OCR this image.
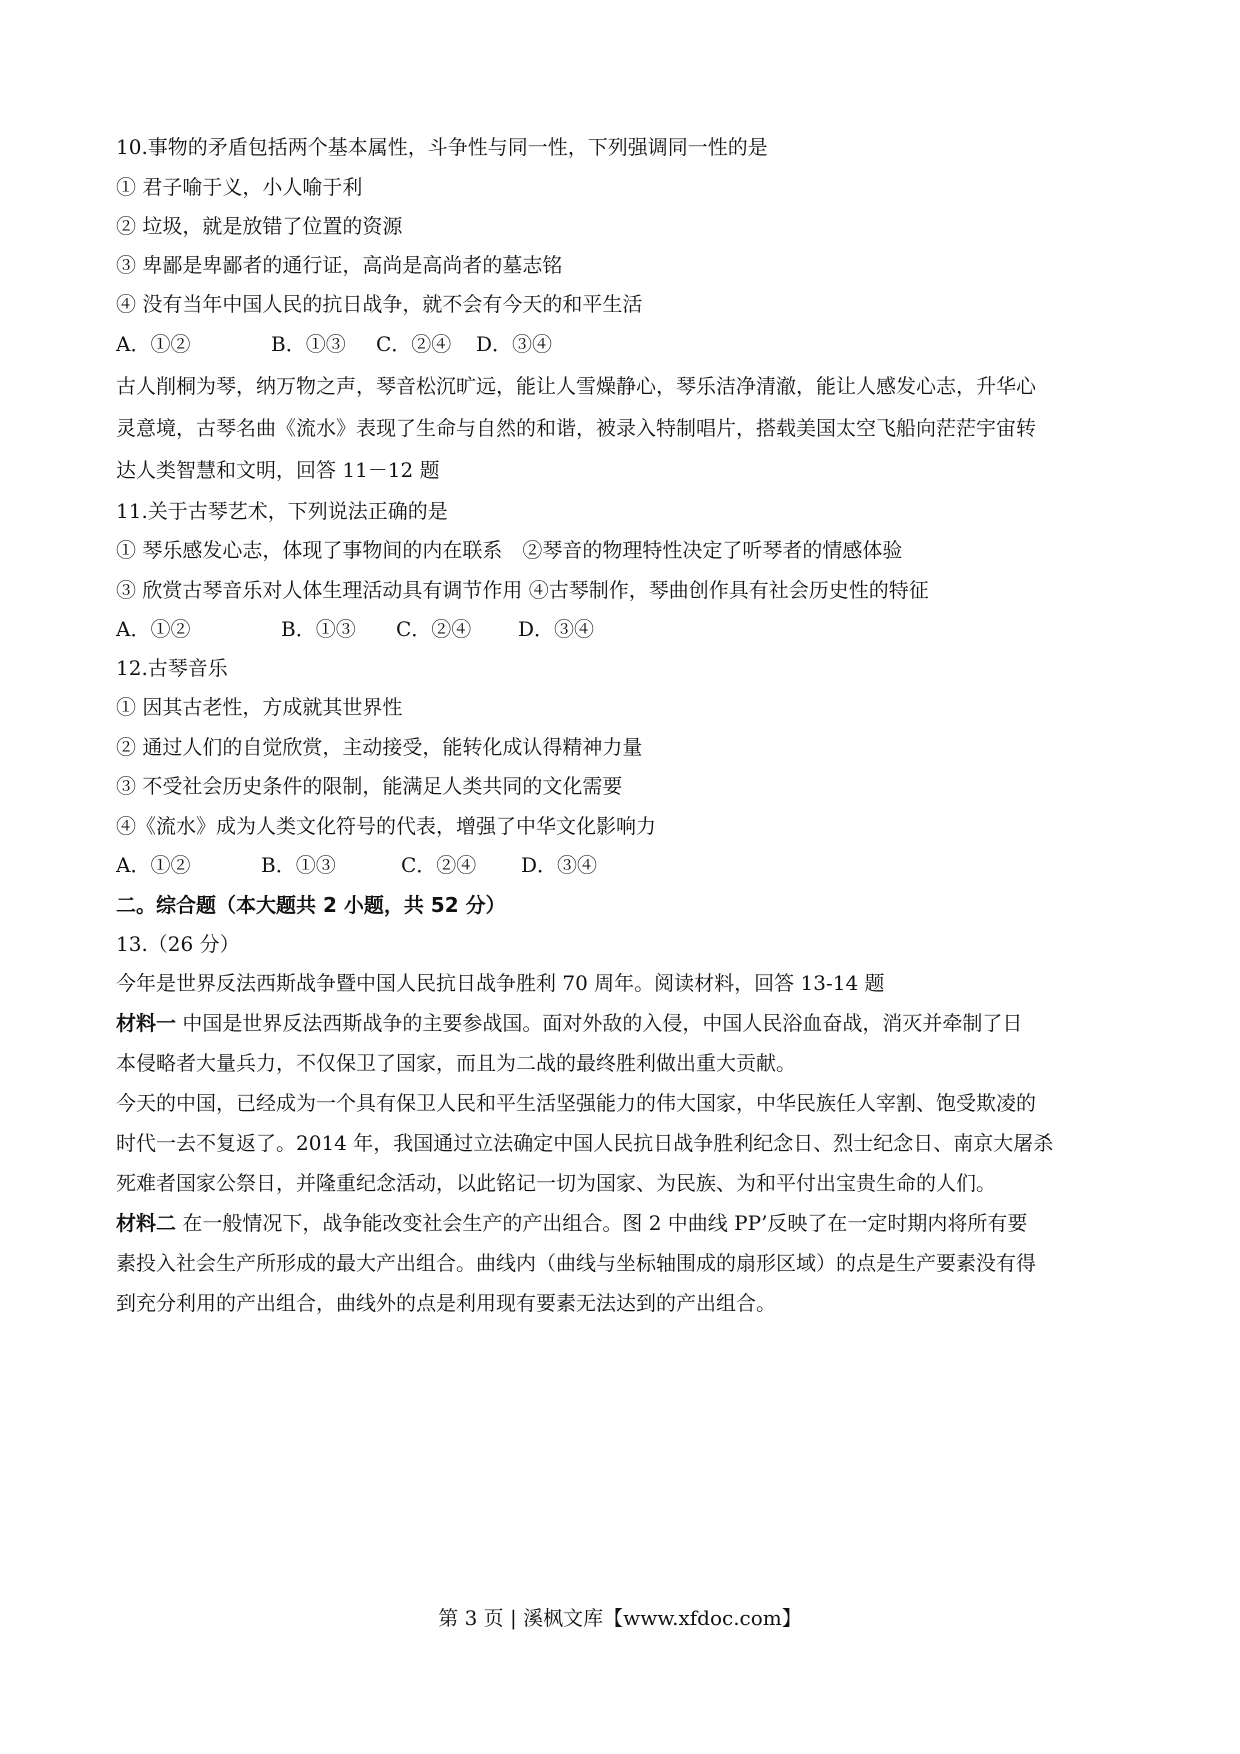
10.事物的矛盾包括两个基本属性，斗争性与同一性，下列强调同一性的是
① 君子喻于义，小人喻于利
② 垃圾，就是放错了位置的资源
③ 卑鄙是卑鄙者的通行证，高尚是高尚者的墓志铭
④ 没有当年中国人民的抗日战争，就不会有今天的和平生活
A．①②	B．①③ C．②④ D．③④
古人削桐为琴，纳万物之声，琴音松沉旷远，能让人雪燥静心，琴乐洁净清澈，能让人感发心志，升华心
灵意境，古琴名曲《流水》表现了生命与自然的和谐，被录入特制唱片，搭载美国太空飞船向茫茫宇宙转
达人类智慧和文明，回答 11－12 题
11.关于古琴艺术，下列说法正确的是
① 琴乐感发心志，体现了事物间的内在联系　②琴音的物理特性决定了听琴者的情感体验
③ 欣赏古琴音乐对人体生理活动具有调节作用 ④古琴制作，琴曲创作具有社会历史性的特征
A．①②	B．①③ C．②④ D．③④
12.古琴音乐
① 因其古老性，方成就其世界性
② 通过人们的自觉欣赏，主动接受，能转化成认得精神力量
③ 不受社会历史条件的限制，能满足人类共同的文化需要
④《流水》成为人类文化符号的代表，增强了中华文化影响力
A．①②	B．①③	C．②④ D．③④
二。综合题（本大题共 2 小题，共 52 分）
13.（26 分）
今年是世界反法西斯战争暨中国人民抗日战争胜利 70 周年。阅读材料，回答 13-14 题
材料一 中国是世界反法西斯战争的主要参战国。面对外敌的入侵，中国人民浴血奋战，消灭并牵制了日
本侵略者大量兵力，不仅保卫了国家，而且为二战的最终胜利做出重大贡献。
今天的中国，已经成为一个具有保卫人民和平生活坚强能力的伟大国家，中华民族任人宰割、饱受欺凌的
时代一去不复返了。2014 年，我国通过立法确定中国人民抗日战争胜利纪念日、烈士纪念日、南京大屠杀
死难者国家公祭日，并隆重纪念活动，以此铭记一切为国家、为民族、为和平付出宝贵生命的人们。
材料二 在一般情况下，战争能改变社会生产的产出组合。图 2 中曲线 PP’反映了在一定时期内将所有要
素投入社会生产所形成的最大产出组合。曲线内（曲线与坐标轴围成的扇形区域）的点是生产要素没有得
到充分利用的产出组合，曲线外的点是利用现有要素无法达到的产出组合。
第 3 页 | 溪枫文库【www.xfdoc.com】
